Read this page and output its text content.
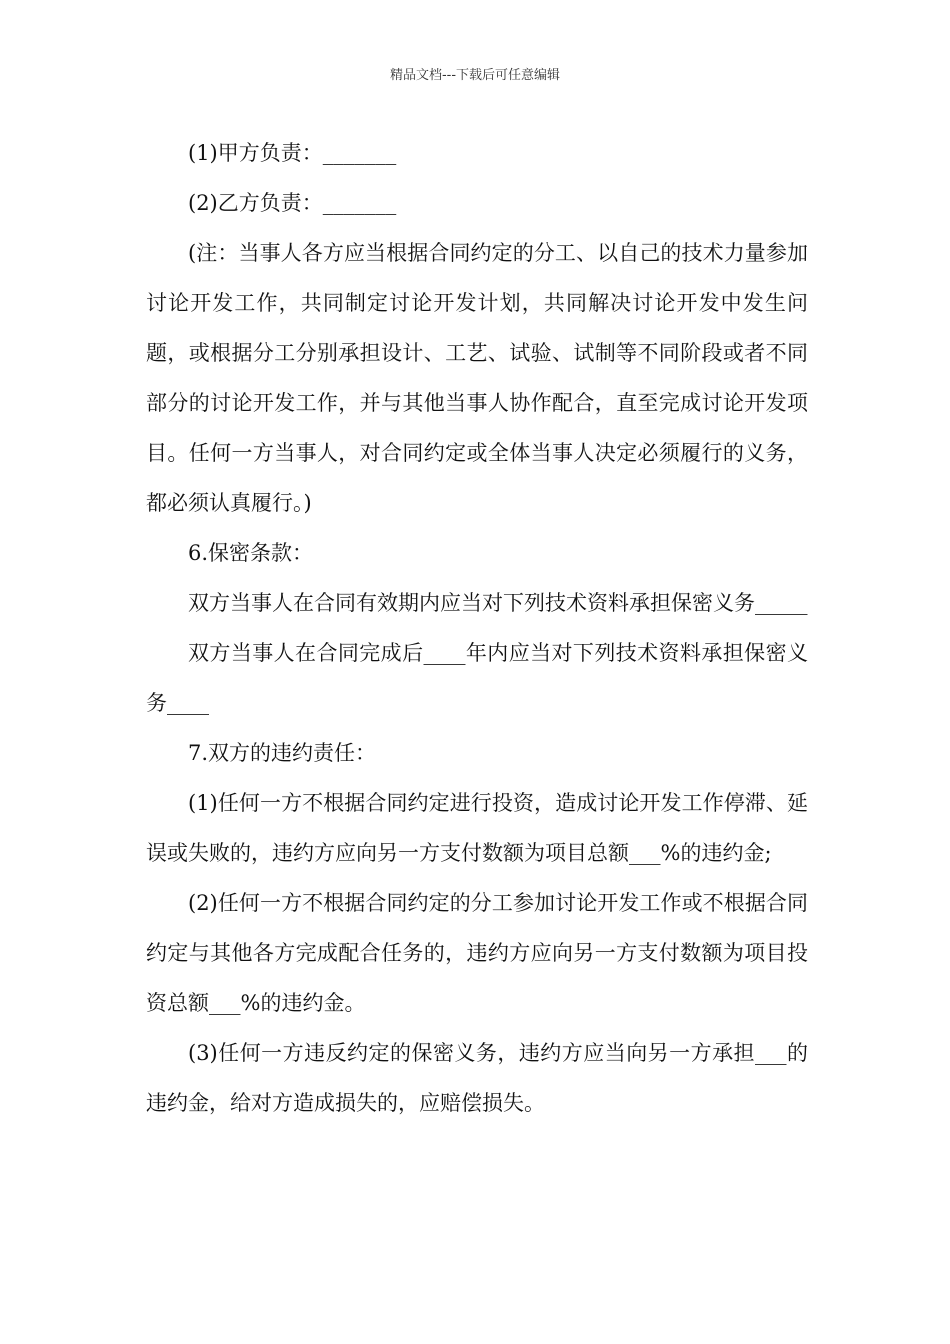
精品文档---下载后可任意编辑

(1)甲方负责：_______

(2)乙方负责：_______

(注：当事人各方应当根据合同约定的分工、以自己的技术力量参加讨论开发工作，共同制定讨论开发计划，共同解决讨论开发中发生问题，或根据分工分别承担设计、工艺、试验、试制等不同阶段或者不同部分的讨论开发工作，并与其他当事人协作配合，直至完成讨论开发项目。任何一方当事人，对合同约定或全体当事人决定必须履行的义务，都必须认真履行。)

6.保密条款：

双方当事人在合同有效期内应当对下列技术资料承担保密义务_____

双方当事人在合同完成后____年内应当对下列技术资料承担保密义务____

7.双方的违约责任：

(1)任何一方不根据合同约定进行投资，造成讨论开发工作停滞、延误或失败的，违约方应向另一方支付数额为项目总额___%的违约金;

(2)任何一方不根据合同约定的分工参加讨论开发工作或不根据合同约定与其他各方完成配合任务的，违约方应向另一方支付数额为项目投资总额___%的违约金。

(3)任何一方违反约定的保密义务，违约方应当向另一方承担___的违约金，给对方造成损失的，应赔偿损失。
